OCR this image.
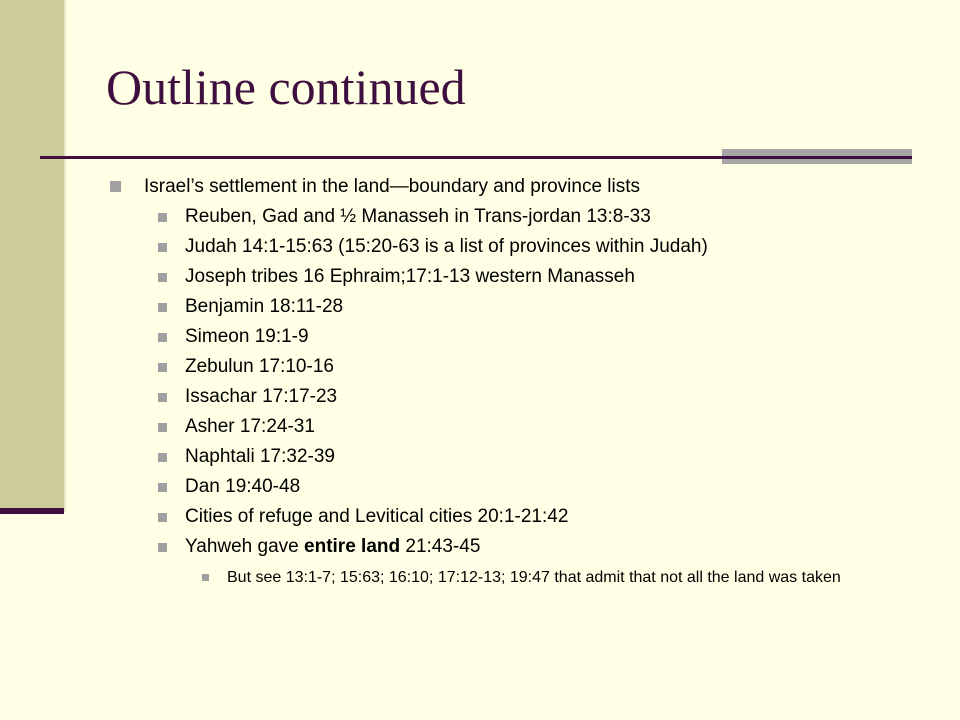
Outline continued
Israel’s settlement in the land—boundary and province lists
Reuben, Gad and ½ Manasseh in Trans-jordan 13:8-33
Judah 14:1-15:63 (15:20-63 is a list of provinces within Judah)
Joseph tribes 16 Ephraim;17:1-13 western Manasseh
Benjamin 18:11-28
Simeon 19:1-9
Zebulun 17:10-16
Issachar 17:17-23
Asher 17:24-31
Naphtali 17:32-39
Dan 19:40-48
Cities of refuge and Levitical cities 20:1-21:42
Yahweh gave entire land 21:43-45
But see 13:1-7; 15:63; 16:10; 17:12-13; 19:47 that admit that not all the land was taken
